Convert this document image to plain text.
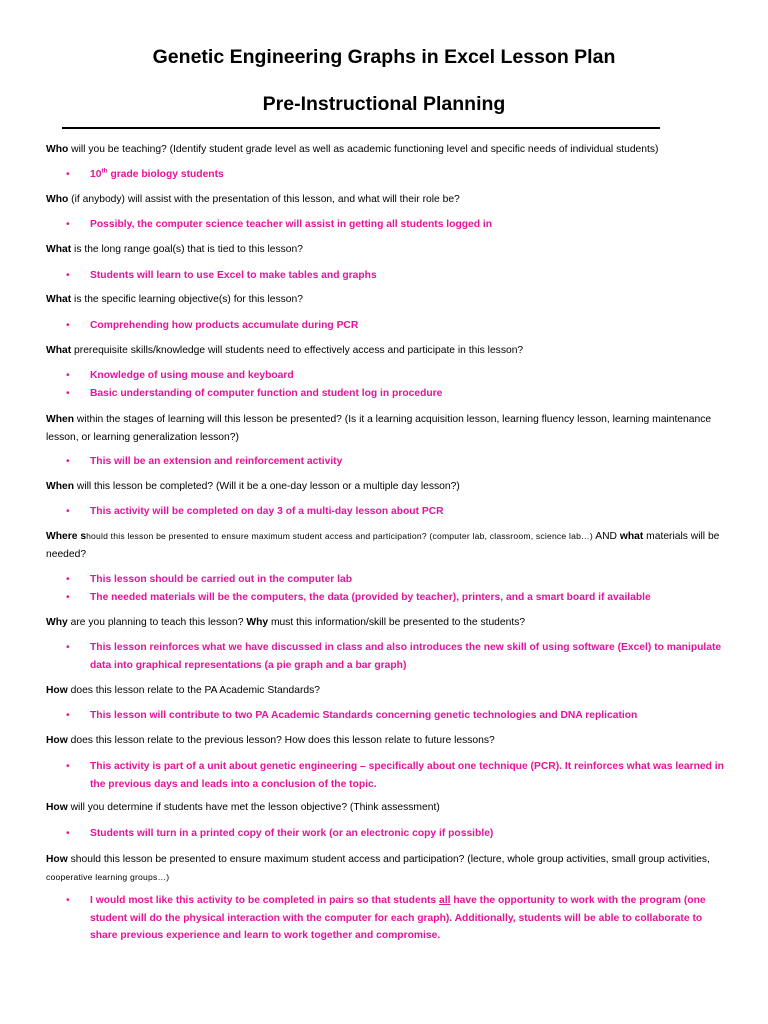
Genetic Engineering Graphs in Excel Lesson Plan
Pre-Instructional Planning
Who will you be teaching? (Identify student grade level as well as academic functioning level and specific needs of individual students)
• 10th grade biology students
Who (if anybody) will assist with the presentation of this lesson, and what will their role be?
• Possibly, the computer science teacher will assist in getting all students logged in
What is the long range goal(s) that is tied to this lesson?
• Students will learn to use Excel to make tables and graphs
What is the specific learning objective(s) for this lesson?
• Comprehending how products accumulate during PCR
What prerequisite skills/knowledge will students need to effectively access and participate in this lesson?
• Knowledge of using mouse and keyboard
• Basic understanding of computer function and student log in procedure
When within the stages of learning will this lesson be presented? (Is it a learning acquisition lesson, learning fluency lesson, learning maintenance lesson, or learning generalization lesson?)
• This will be an extension and reinforcement activity
When will this lesson be completed? (Will it be a one-day lesson or a multiple day lesson?)
• This activity will be completed on day 3 of a multi-day lesson about PCR
Where should this lesson be presented to ensure maximum student access and participation? (computer lab, classroom, science lab…) AND what materials will be needed?
• This lesson should be carried out in the computer lab
• The needed materials will be the computers, the data (provided by teacher), printers, and a smart board if available
Why are you planning to teach this lesson? Why must this information/skill be presented to the students?
• This lesson reinforces what we have discussed in class and also introduces the new skill of using software (Excel) to manipulate data into graphical representations (a pie graph and a bar graph)
How does this lesson relate to the PA Academic Standards?
• This lesson will contribute to two PA Academic Standards concerning genetic technologies and DNA replication
How does this lesson relate to the previous lesson? How does this lesson relate to future lessons?
• This activity is part of a unit about genetic engineering – specifically about one technique (PCR). It reinforces what was learned in the previous days and leads into a conclusion of the topic.
How will you determine if students have met the lesson objective? (Think assessment)
• Students will turn in a printed copy of their work (or an electronic copy if possible)
How should this lesson be presented to ensure maximum student access and participation? (lecture, whole group activities, small group activities, cooperative learning groups…)
• I would most like this activity to be completed in pairs so that students all have the opportunity to work with the program (one student will do the physical interaction with the computer for each graph). Additionally, students will be able to collaborate to share previous experience and learn to work together and compromise.
